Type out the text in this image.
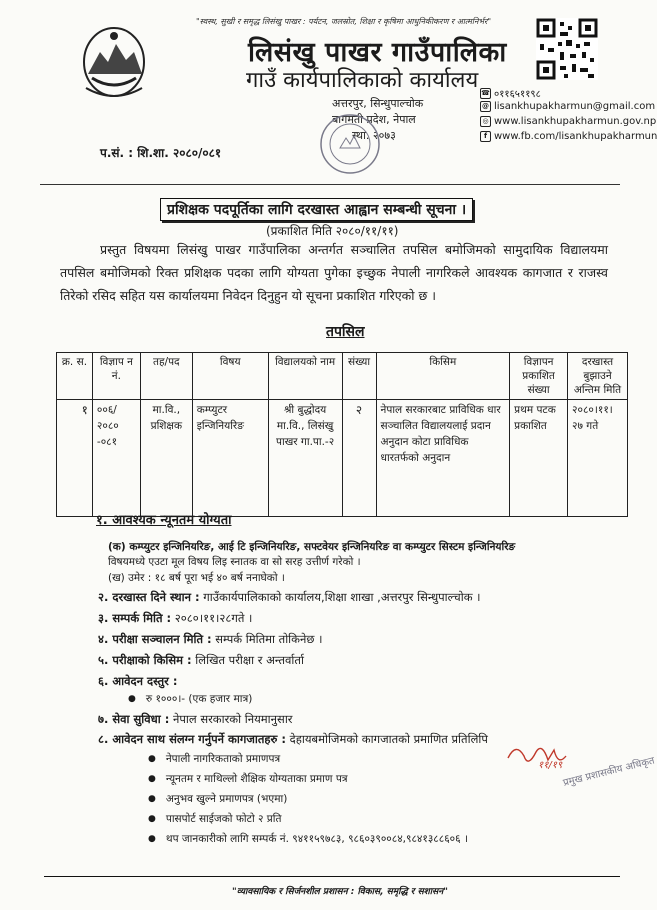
"स्वस्थ, सुखी र समृद्ध लिसंखु पाखर : पर्यटन, जलस्रोत, शिक्षा र कृषिमा आधुनिकीकरण र आत्मनिर्भर"
लिसंखु पाखर गाउँपालिका
गाउँ कार्यपालिकाको कार्यालय
अत्तरपुर, सिन्धुपाल्चोक
बागमती प्रदेश, नेपाल
स्था. २०७३
☎ ०११६५११९८
@ lisankhupakharmun@gmail.com
◎ www.lisankhupakharmun.gov.np
f www.fb.com/lisankhupakharmun
प.सं. : शि.शा. २०८०/०८१
प्रशिक्षक पदपूर्तिका लागि दरखास्त आह्वान सम्बन्धी सूचना ।
(प्रकाशित मिति २०८०/११/११)
प्रस्तुत विषयमा लिसंखु पाखर गाउँपालिका अन्तर्गत सञ्चालित तपसिल बमोजिमको सामुदायिक विद्यालयमा तपसिल बमोजिमको रिक्त प्रशिक्षक पदका लागि योग्यता पुगेका इच्छुक नेपाली नागरिकले आवश्यक कागजात र राजस्व तिरेको रसिद सहित यस कार्यालयमा निवेदन दिनुहुन यो सूचना प्रकाशित गरिएको छ ।
तपसिल
क्र. स.	विज्ञाप न नं.	तह/पद	विषय	विद्यालयको नाम	संख्या	किसिम	विज्ञापन प्रकाशित संख्या	दरखास्त बुझाउने अन्तिम मिति
१	००६/ २०८० -०८१	मा.वि., प्रशिक्षक	कम्प्युटर इन्जिनियरिङ	श्री बुद्धोदय मा.वि., लिसंखु पाखर गा.पा.-२	२	नेपाल सरकारबाट प्राविधिक धार सञ्चालित विद्यालयलाई प्रदान अनुदान कोटा प्राविधिक धारतर्फको अनुदान	प्रथम पटक प्रकाशित	२०८०।११।२७ गते
१. आवश्यक न्यूनतम योग्यता
(क) कम्प्युटर इन्जिनियरिङ, आई टि इन्जिनियरिङ, सफ्टवेयर इन्जिनियरिङ वा कम्प्युटर सिस्टम इन्जिनियरिङ
विषयमध्ये एउटा मूल विषय लिइ स्नातक वा सो सरह उत्तीर्ण गरेको ।
(ख) उमेर : १८ बर्ष पूरा भई ४० बर्ष ननाघेको ।
२. दरखास्त दिने स्थान : गाउँकार्यपालिकाको कार्यालय,शिक्षा शाखा ,अत्तरपुर सिन्धुपाल्चोक ।
३. सम्पर्क मिति : २०८०।११।२८गते ।
४. परीक्षा सञ्चालन मिति : सम्पर्क मितिमा तोकिनेछ ।
५. परीक्षाको किसिम : लिखित परीक्षा र अन्तर्वार्ता
६. आवेदन दस्तुर :
● रु १०००।- (एक हजार मात्र)
७. सेवा सुविधा : नेपाल सरकारको नियमानुसार
८. आवेदन साथ संलग्न गर्नुपर्ने कागजातहरु : देहायबमोजिमको कागजातको प्रमाणित प्रतिलिपि
● नेपाली नागरिकताको प्रमाणपत्र
● न्यूनतम र माथिल्लो शैक्षिक योग्यताका प्रमाण पत्र
● अनुभव खुल्ने प्रमाणपत्र (भएमा)
● पासपोर्ट साईजको फोटो २ प्रति
● थप जानकारीको लागि सम्पर्क नं. ९४११५९७८३, ९८६०३९००८४,९८४१३८८६०६ ।
११/१९ प्रमुख प्रशासकीय अधिकृत
"व्यावसायिक र सिर्जनशील प्रशासन : विकास, समृद्धि र सशासन"
